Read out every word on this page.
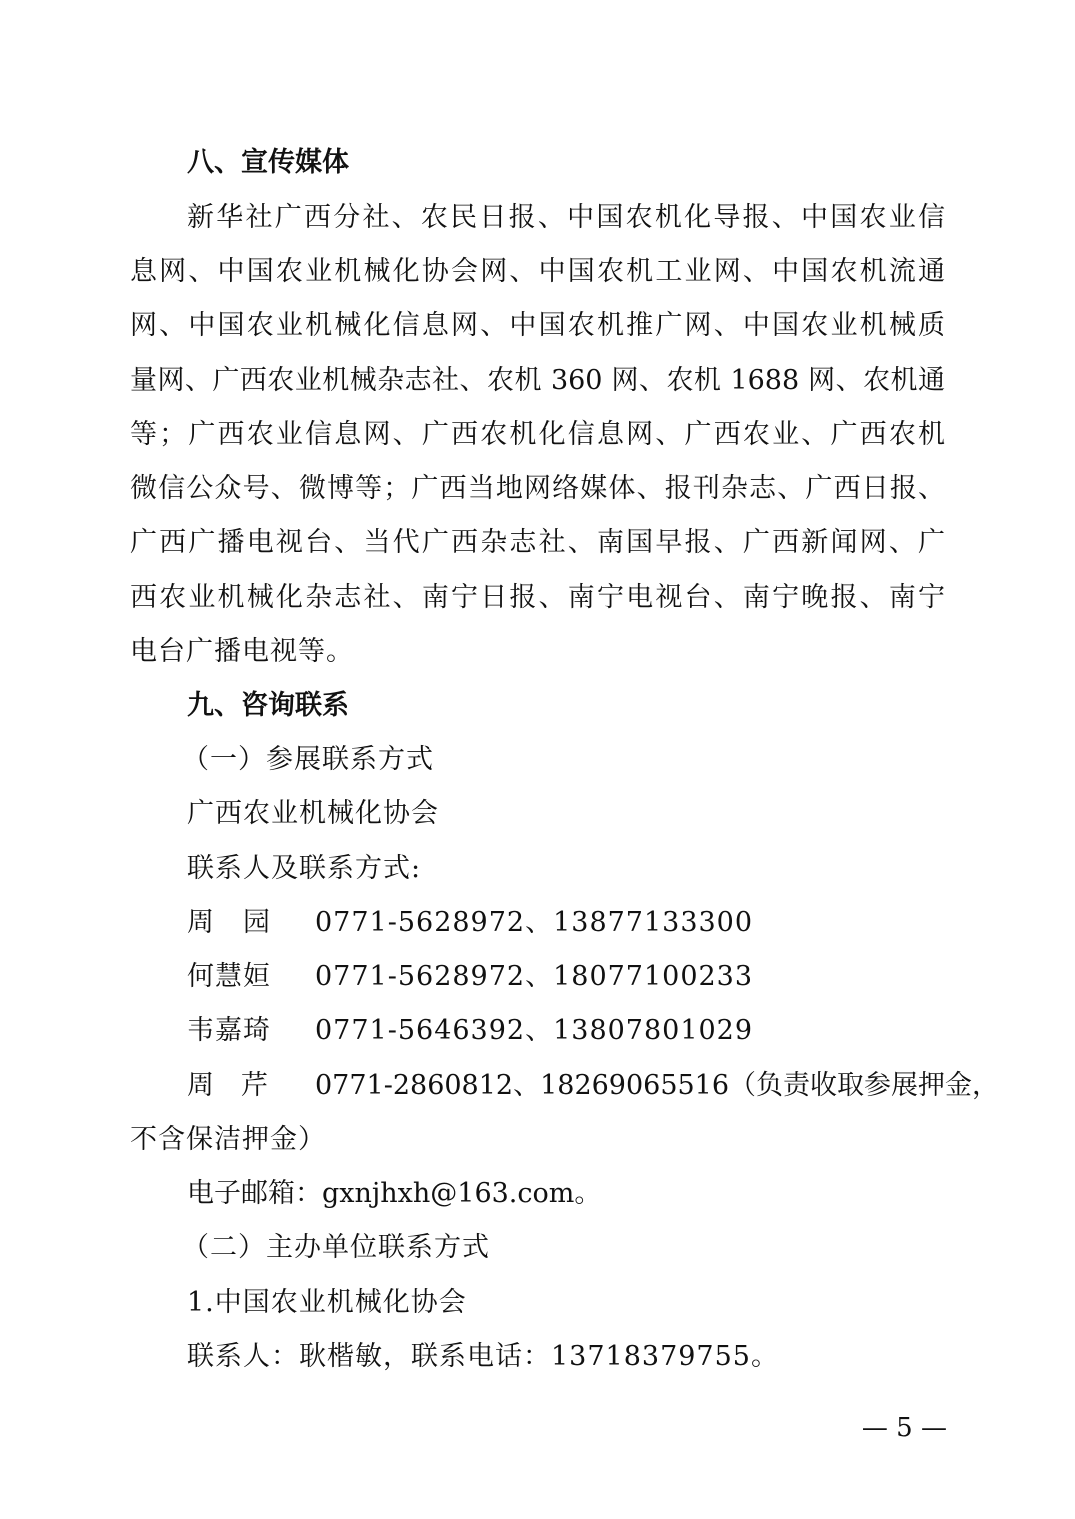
八、宣传媒体
新华社广西分社、农民日报、中国农机化导报、中国农业信
息网、中国农业机械化协会网、中国农机工业网、中国农机流通
网、中国农业机械化信息网、中国农机推广网、中国农业机械质
量网、广西农业机械杂志社、农机 360 网、农机 1688 网、农机通
等；广西农业信息网、广西农机化信息网、广西农业、广西农机
微信公众号、微博等；广西当地网络媒体、报刊杂志、广西日报、
广西广播电视台、当代广西杂志社、南国早报、广西新闻网、广
西农业机械化杂志社、南宁日报、南宁电视台、南宁晚报、南宁
电台广播电视等。
九、咨询联系
（一）参展联系方式
广西农业机械化协会
联系人及联系方式:
周　园 0771-5628972、13877133300
何慧姮 0771-5628972、18077100233
韦嘉琦 0771-5646392、13807801029
周　芹 0771-2860812、18269065516（负责收取参展押金，
不含保洁押金）
电子邮箱：gxnjhxh@163.com。
（二）主办单位联系方式
1.中国农业机械化协会
联系人：耿楷敏，联系电话：13718379755。
— 5 —
